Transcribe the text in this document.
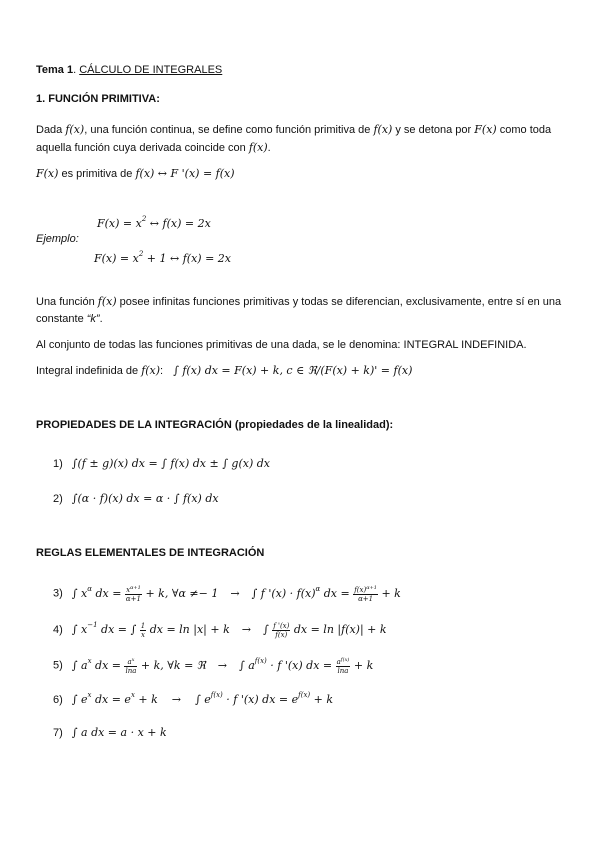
Tema 1. CÁLCULO DE INTEGRALES
1. FUNCIÓN PRIMITIVA:
Dada f(x), una función continua, se define como función primitiva de f(x) y se detona por F(x) como toda aquella función cuya derivada coincide con f(x).
F(x) es primitiva de f(x) ↔ F '(x) = f(x)
$F(x) = x^2$ ↔ f(x) = 2x
Ejemplo:
$F(x) = x^2 + 1$ ↔ f(x) = 2x
Una función f(x) posee infinitas funciones primitivas y todas se diferencian, exclusivamente, entre sí en una constante “k”.
Al conjunto de todas las funciones primitivas de una dada, se le denomina: INTEGRAL INDEFINIDA.
Integral indefinida de f(x): ∫ f(x) dx = F(x) + k, c ∈ ℜ/(F(x) + k)' = f(x)
PROPIEDADES DE LA INTEGRACIÓN (propiedades de la linealidad):
1) ∫(f ± g)(x) dx = ∫ f(x) dx ± ∫ g(x) dx
2) ∫(α · f)(x) dx = α · ∫ f(x) dx
REGLAS ELEMENTALES DE INTEGRACIÓN
3) ∫ $x^\alpha$ dx = $\frac{x^{\alpha+1}}{\alpha+1} + k$, ∀α ≠− 1 → ∫ f '$(x) \cdot f(x)^\alpha$ dx = $\frac{f(x)^{\alpha+1}}{\alpha+1} + k$
4) ∫ $x^{-1}$ dx = ∫ $\frac{1}{x}$ dx = ln |x| + k → ∫ $\frac{f '(x)}{f(x)}$ dx = ln |f(x)| + k
5) ∫ $a^x$ dx = $\frac{a^x}{\ln a} + k$, ∀k = ℜ → ∫ $a^{f(x)} \cdot f$ '(x) dx = $\frac{a^{f(x)}}{\ln a} + k$
6) ∫ $e^x$ dx = $e^x + k$ → ∫ $e^{f(x)} \cdot f$ '(x) dx = $e^{f(x)} + k$
7) ∫ a dx = a · x + k
